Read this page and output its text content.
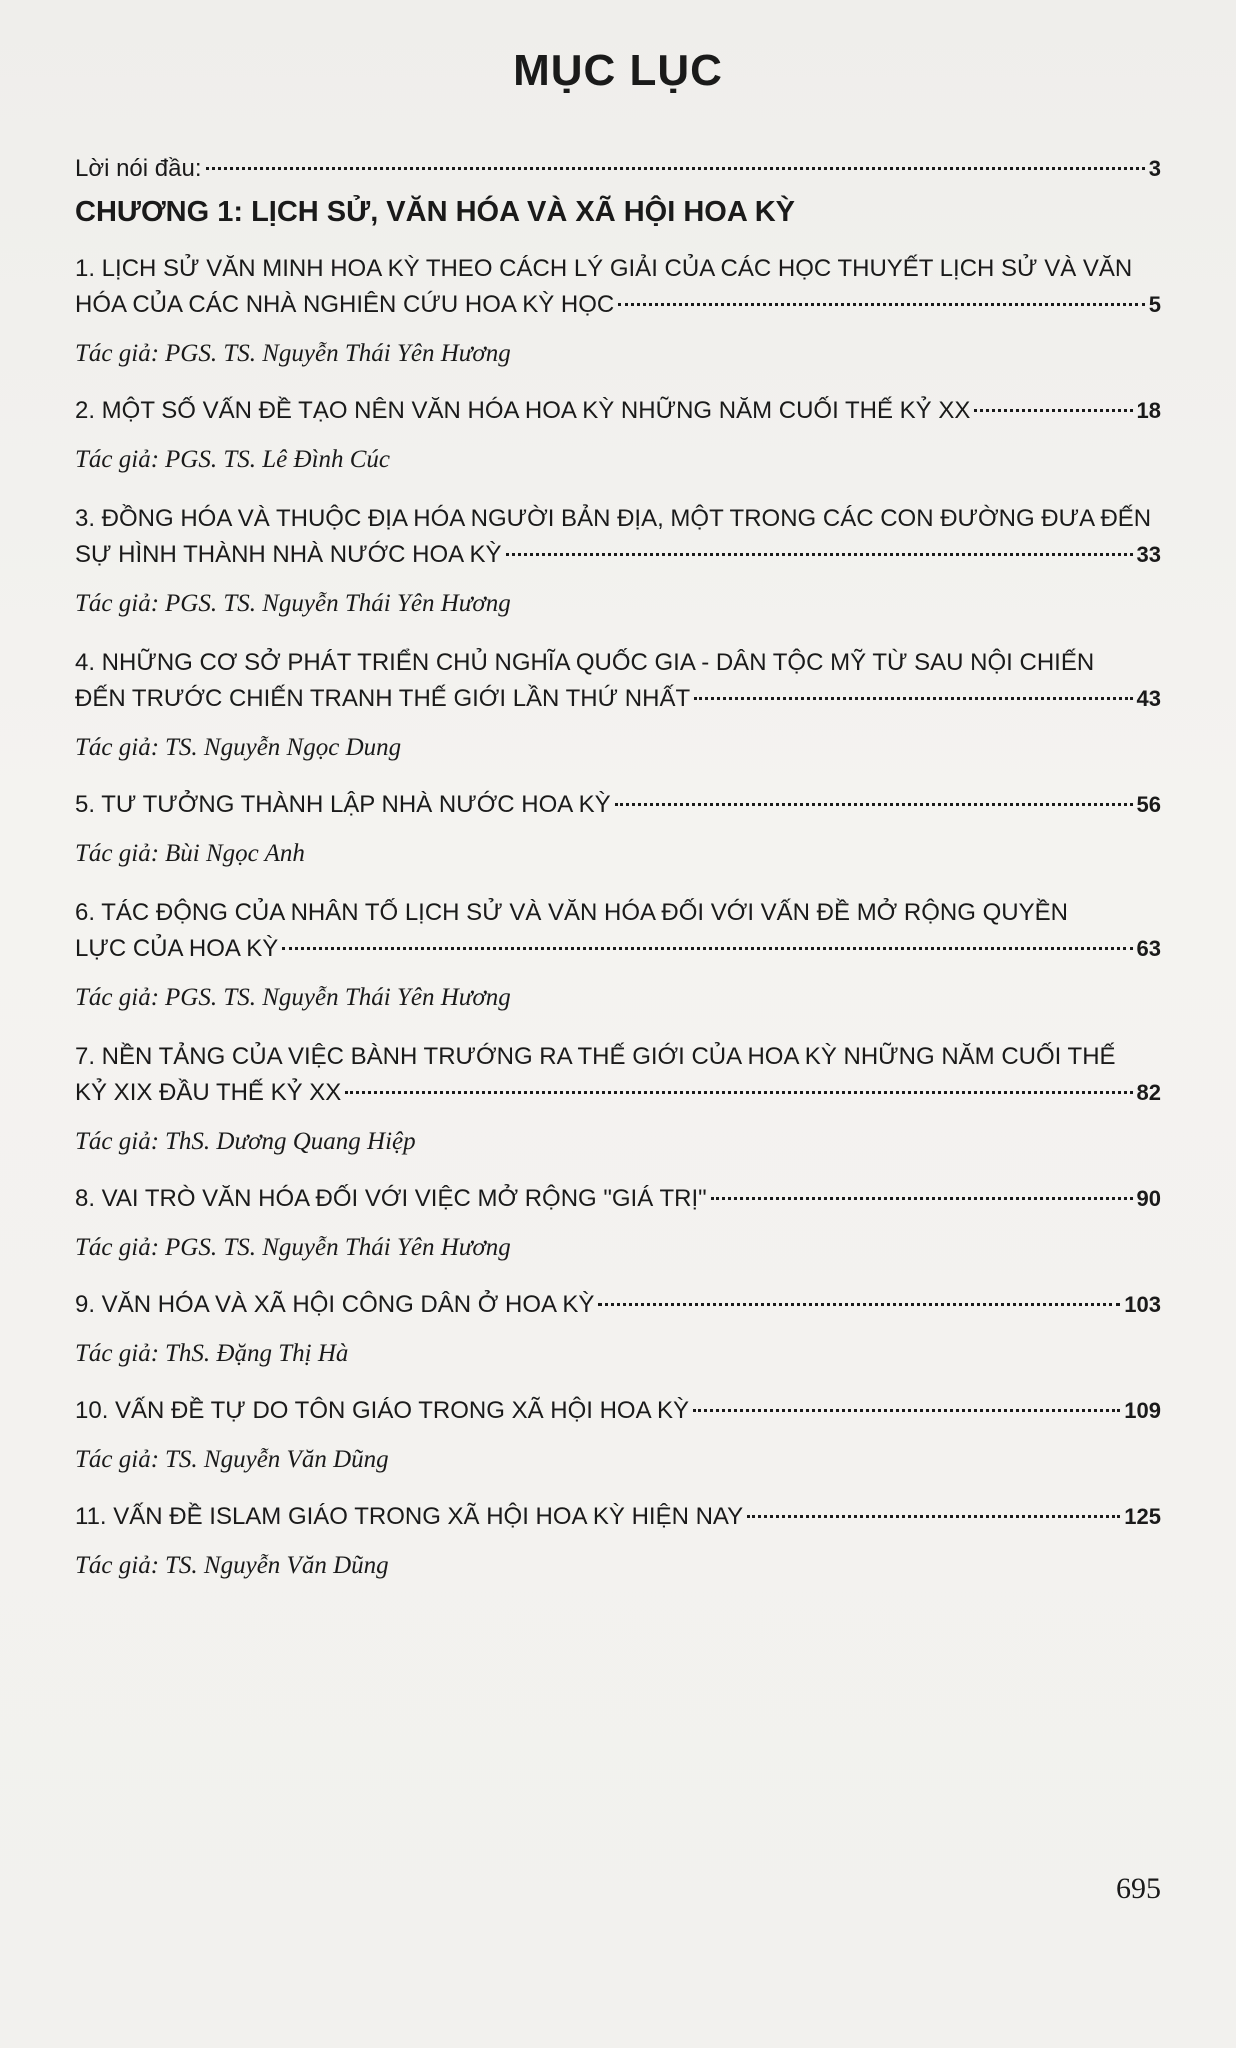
MỤC LỤC
Lời nói đầu:	3
CHƯƠNG 1: LỊCH SỬ, VĂN HÓA VÀ XÃ HỘI HOA KỲ
1. LỊCH SỬ VĂN MINH HOA KỲ THEO CÁCH LÝ GIẢI CỦA CÁC HỌC THUYẾT LỊCH SỬ VÀ VĂN
HÓA CỦA CÁC NHÀ NGHIÊN CỨU HOA KỲ HỌC	5
Tác giả: PGS. TS. Nguyễn Thái Yên Hương
2. MỘT SỐ VẤN ĐỀ TẠO NÊN VĂN HÓA HOA KỲ NHỮNG NĂM CUỐI THẾ KỶ XX	18
Tác giả: PGS. TS. Lê Đình Cúc
3. ĐỒNG HÓA VÀ THUỘC ĐỊA HÓA NGƯỜI BẢN ĐỊA, MỘT TRONG CÁC CON ĐƯỜNG ĐƯA ĐẾN
SỰ HÌNH THÀNH NHÀ NƯỚC HOA KỲ	33
Tác giả: PGS. TS. Nguyễn Thái Yên Hương
4. NHỮNG CƠ SỞ PHÁT TRIỂN CHỦ NGHĨA QUỐC GIA - DÂN TỘC MỸ TỪ SAU NỘI CHIẾN
ĐẾN TRƯỚC CHIẾN TRANH THẾ GIỚI LẦN THỨ NHẤT	43
Tác giả: TS. Nguyễn Ngọc Dung
5. TƯ TƯỞNG THÀNH LẬP NHÀ NƯỚC HOA KỲ	56
Tác giả: Bùi Ngọc Anh
6. TÁC ĐỘNG CỦA NHÂN TỐ LỊCH SỬ VÀ VĂN HÓA ĐỐI VỚI VẤN ĐỀ MỞ RỘNG QUYỀN
LỰC CỦA HOA KỲ	63
Tác giả: PGS. TS. Nguyễn Thái Yên Hương
7. NỀN TẢNG CỦA VIỆC BÀNH TRƯỚNG RA THẾ GIỚI CỦA HOA KỲ NHỮNG NĂM CUỐI THẾ
KỶ XIX ĐẦU THẾ KỶ XX	82
Tác giả: ThS. Dương Quang Hiệp
8. VAI TRÒ VĂN HÓA ĐỐI VỚI VIỆC MỞ RỘNG "GIÁ TRỊ"	90
Tác giả: PGS. TS. Nguyễn Thái Yên Hương
9. VĂN HÓA VÀ XÃ HỘI CÔNG DÂN Ở HOA KỲ	103
Tác giả: ThS. Đặng Thị Hà
10. VẤN ĐỀ TỰ DO TÔN GIÁO TRONG XÃ HỘI HOA KỲ	109
Tác giả: TS. Nguyễn Văn Dũng
11. VẤN ĐỀ ISLAM GIÁO TRONG XÃ HỘI HOA KỲ HIỆN NAY	125
Tác giả: TS. Nguyễn Văn Dũng
695
